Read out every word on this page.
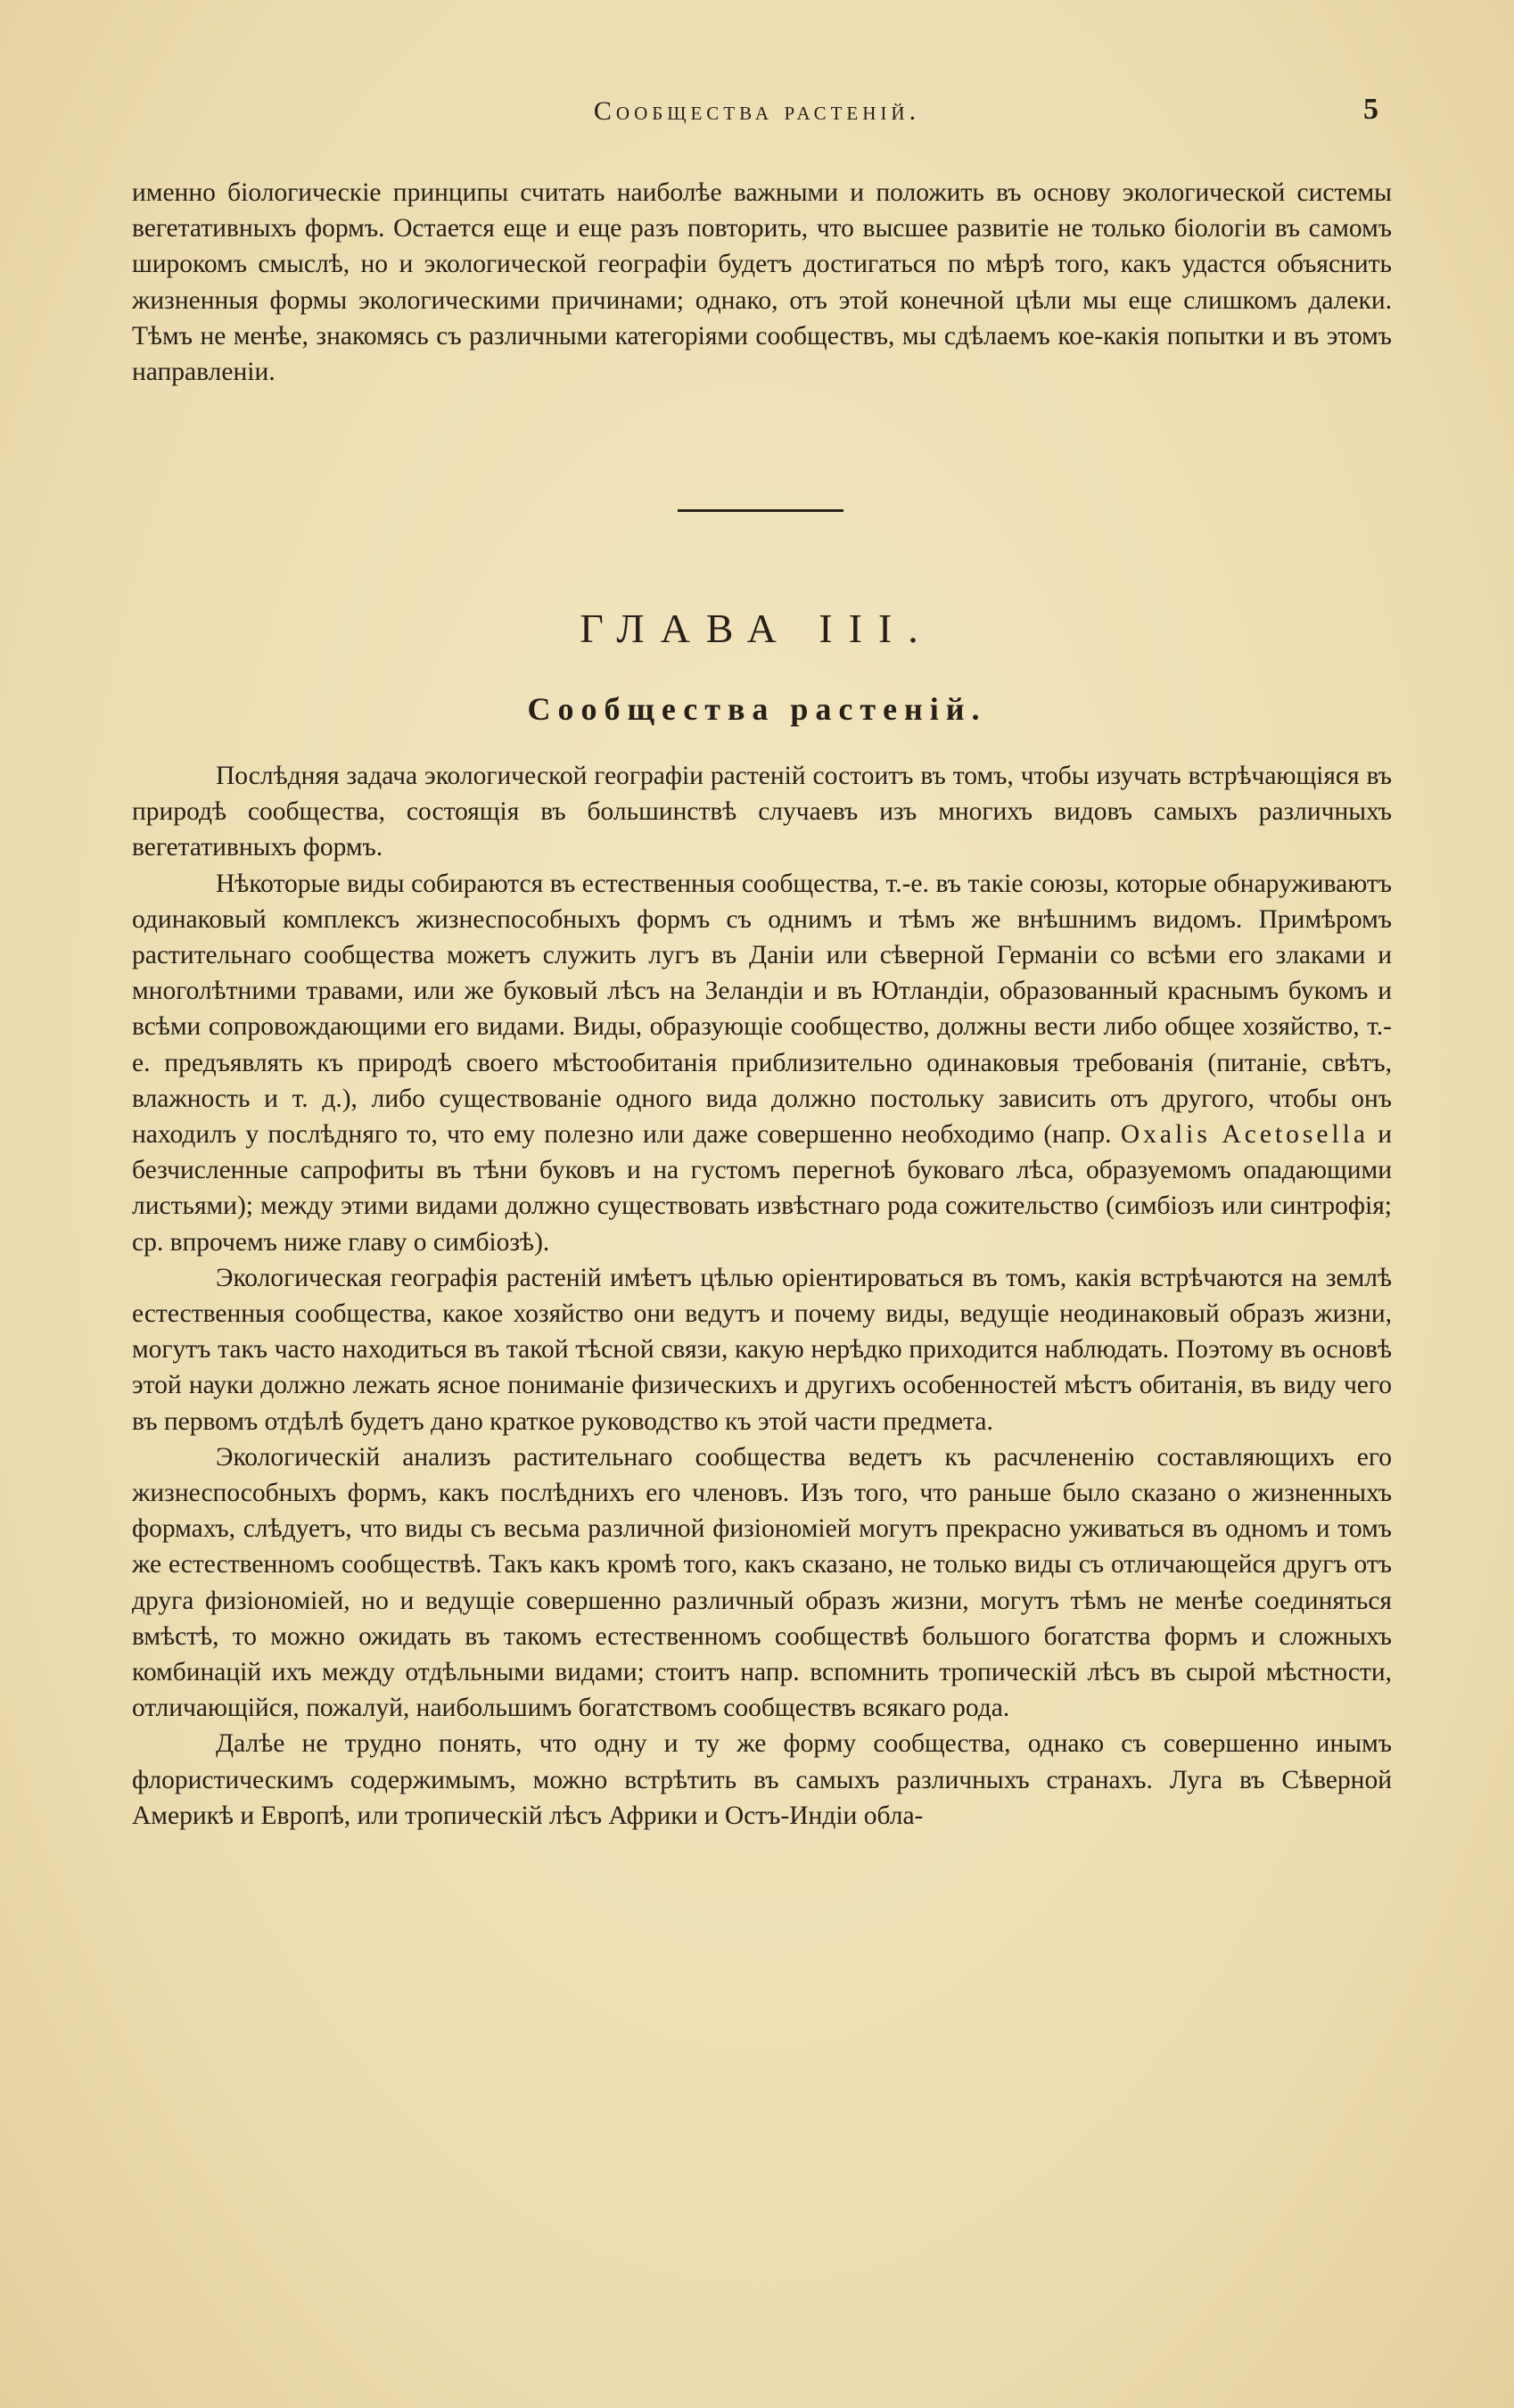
Сообщества растеній.	5

именно біологическіе принципы считать наиболѣе важными и положить въ основу экологической системы вегетативныхъ формъ. Остается еще и еще разъ повторить, что высшее развитіе не только біологіи въ самомъ широкомъ смыслѣ, но и экологической географіи будетъ достигаться по мѣрѣ того, какъ удастся объяснить жизненныя формы экологическими причинами; однако, отъ этой конечной цѣли мы еще слишкомъ далеки. Тѣмъ не менѣе, знакомясь съ различными категоріями сообществъ, мы сдѣлаемъ кое-какія попытки и въ этомъ направленіи.

ГЛАВА III.
Сообщества растеній.

Послѣдняя задача экологической географіи растеній состоитъ въ томъ, чтобы изучать встрѣчающіяся въ природѣ сообщества, состоящія въ большинствѣ случаевъ изъ многихъ видовъ самыхъ различныхъ вегетативныхъ формъ.

Нѣкоторые виды собираются въ естественныя сообщества, т.-е. въ такіе союзы, которые обнаруживаютъ одинаковый комплексъ жизнеспособныхъ формъ съ однимъ и тѣмъ же внѣшнимъ видомъ. Примѣромъ растительнаго сообщества можетъ служить лугъ въ Даніи или сѣверной Германіи со всѣми его злаками и многолѣтними травами, или же буковый лѣсъ на Зеландіи и въ Ютландіи, образованный краснымъ букомъ и всѣми сопровождающими его видами. Виды, образующіе сообщество, должны вести либо общее хозяйство, т.-е. предъявлять къ природѣ своего мѣстообитанія приблизительно одинаковыя требованія (питаніе, свѣтъ, влажность и т. д.), либо существованіе одного вида должно постольку зависить отъ другого, чтобы онъ находилъ у послѣдняго то, что ему полезно или даже совершенно необходимо (напр. Oxalis Acetosella и безчисленные сапрофиты въ тѣни буковъ и на густомъ перегноѣ буковаго лѣса, образуемомъ опадающими листьями); между этими видами должно существовать извѣстнаго рода сожительство (симбіозъ или синтрофія; ср. впрочемъ ниже главу о симбіозѣ).

Экологическая географія растеній имѣетъ цѣлью оріентироваться въ томъ, какія встрѣчаются на землѣ естественныя сообщества, какое хозяйство они ведутъ и почему виды, ведущіе неодинаковый образъ жизни, могутъ такъ часто находиться въ такой тѣсной связи, какую нерѣдко приходится наблюдать. Поэтому въ основѣ этой науки должно лежать ясное пониманіе физическихъ и другихъ особенностей мѣстъ обитанія, въ виду чего въ первомъ отдѣлѣ будетъ дано краткое руководство къ этой части предмета.

Экологическій анализъ растительнаго сообщества ведетъ къ расчлененію составляющихъ его жизнеспособныхъ формъ, какъ послѣднихъ его членовъ. Изъ того, что раньше было сказано о жизненныхъ формахъ, слѣдуетъ, что виды съ весьма различной физіономіей могутъ прекрасно уживаться въ одномъ и томъ же естественномъ сообществѣ. Такъ какъ кромѣ того, какъ сказано, не только виды съ отличающейся другъ отъ друга физіономіей, но и ведущіе совершенно различный образъ жизни, могутъ тѣмъ не менѣе соединяться вмѣстѣ, то можно ожидать въ такомъ естественномъ сообществѣ большого богатства формъ и сложныхъ комбинацій ихъ между отдѣльными видами; стоитъ напр. вспомнить тропическій лѣсъ въ сырой мѣстности, отличающійся, пожалуй, наибольшимъ богатствомъ сообществъ всякаго рода.

Далѣе не трудно понять, что одну и ту же форму сообщества, однако съ совершенно инымъ флористическимъ содержимымъ, можно встрѣтить въ самыхъ различныхъ странахъ. Луга въ Сѣверной Америкѣ и Европѣ, или тропическій лѣсъ Африки и Остъ-Индіи обла-
